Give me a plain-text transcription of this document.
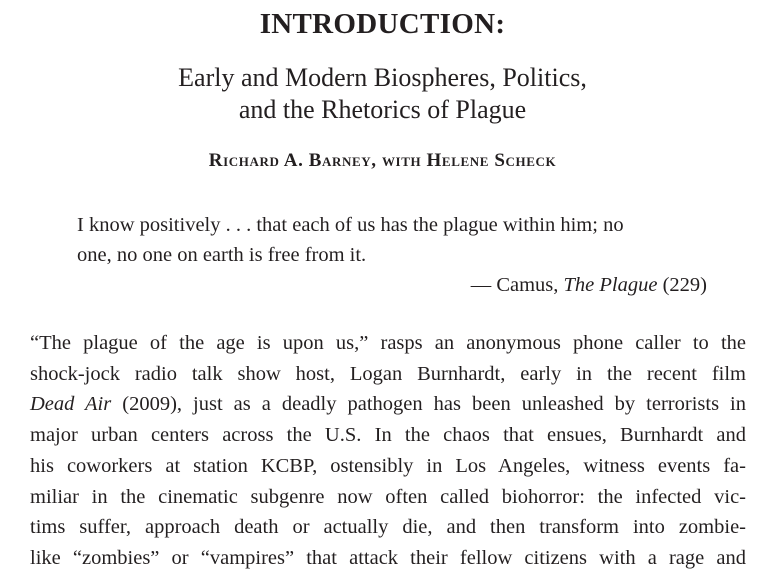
INTRODUCTION:
Early and Modern Biospheres, Politics,
and the Rhetorics of Plague
Richard A. Barney, with Helene Scheck
I know positively . . . that each of us has the plague within him; no
one, no one on earth is free from it.
— Camus, The Plague (229)
“The plague of the age is upon us,” rasps an anonymous phone caller to the
shock-jock radio talk show host, Logan Burnhardt, early in the recent film
Dead Air (2009), just as a deadly pathogen has been unleashed by terrorists in
major urban centers across the U.S. In the chaos that ensues, Burnhardt and
his coworkers at station KCBP, ostensibly in Los Angeles, witness events fa-
miliar in the cinematic subgenre now often called biohorror: the infected vic-
tims suffer, approach death or actually die, and then transform into zombie-
like “zombies” or “vampires” that attack their fellow citizens with a rage and
